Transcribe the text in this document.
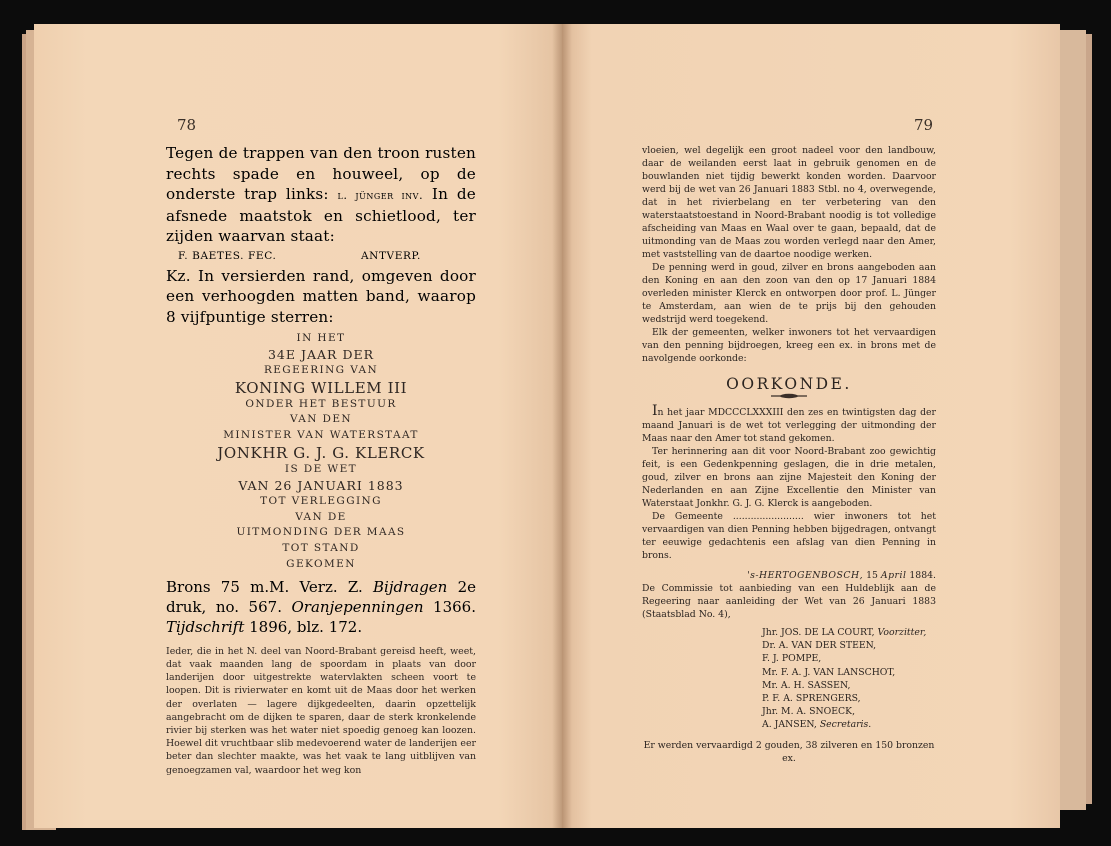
78

Tegen de trappen van den troon rusten rechts spade en houweel, op de onderste trap links: l. jünger inv. In de afsnede maatstok en schietlood, ter zijden waarvan staat:

F. BAETES. FEC.	ANTVERP.

Kz. In versierden rand, omgeven door een verhoogden matten band, waarop 8 vijfpuntige sterren:

IN HET
34E JAAR DER
REGEERING VAN
KONING WILLEM III
ONDER HET BESTUUR
VAN DEN
MINISTER VAN WATERSTAAT
JONKHR G. J. G. KLERCK
IS DE WET
VAN 26 JANUARI 1883
TOT VERLEGGING
VAN DE
UITMONDING DER MAAS
TOT STAND
GEKOMEN
Brons 75 m.M. Verz. Z. Bijdragen 2e druk, no. 567. Oranjepenningen 1366. Tijdschrift 1896, blz. 172.
Ieder, die in het N. deel van Noord-Brabant gereisd heeft, weet, dat vaak maanden lang de spoordam in plaats van door landerijen door uitgestrekte watervlakten scheen voort te loopen. Dit is rivierwater en komt uit de Maas door het werken der overlaten — lagere dijkgedeelten, daarin opzettelijk aangebracht om de dijken te sparen, daar de sterk kronkelende rivier bij sterken was het water niet spoedig genoeg kan loozen. Hoewel dit vruchtbaar slib medevoerend water de landerijen eer beter dan slechter maakte, was het vaak te lang uitblijven van genoegzamen val, waardoor het weg kon
79

vloeien, wel degelijk een groot nadeel voor den landbouw, daar de weilanden eerst laat in gebruik genomen en de bouwlanden niet tijdig bewerkt konden worden. Daarvoor werd bij de wet van 26 Januari 1883 Stbl. no 4, overwegende, dat in het rivierbelang en ter verbetering van den waterstaatstoestand in Noord-Brabant noodig is tot volledige afscheiding van Maas en Waal over te gaan, bepaald, dat de uitmonding van de Maas zou worden verlegd naar den Amer, met vaststelling van de daartoe noodige werken.

De penning werd in goud, zilver en brons aangeboden aan den Koning en aan den zoon van den op 17 Januari 1884 overleden minister Klerck en ontworpen door prof. L. Jünger te Amsterdam, aan wien de te prijs bij den gehouden wedstrijd werd toegekend.

Elk der gemeenten, welker inwoners tot het vervaardigen van den penning bijdroegen, kreeg een ex. in brons met de navolgende oorkonde:

OORKONDE.

In het jaar MDCCCLXXXIII den zes en twintigsten dag der maand Januari is de wet tot verlegging der uitmonding der Maas naar den Amer tot stand gekomen.

Ter herinnering aan dit voor Noord-Brabant zoo gewichtig feit, is een Gedenkpenning geslagen, die in drie metalen, goud, zilver en brons aan zijne Majesteit den Koning der Nederlanden en aan Zijne Excellentie den Minister van Waterstaat Jonkhr. G. J. G. Klerck is aangeboden.

De Gemeente ........................ wier inwoners tot het vervaardigen van dien Penning hebben bijgedragen, ontvangt ter eeuwige gedachtenis een afslag van dien Penning in brons.

's-HERTOGENBOSCH, 15 April 1884.

De Commissie tot aanbieding van een Huldeblijk aan de Regeering naar aanleiding der Wet van 26 Januari 1883 (Staatsblad No. 4),

Jhr. JOS. DE LA COURT, Voorzitter,
Dr. A. VAN DER STEEN,
F. J. POMPE,
Mr. F. A. J. VAN LANSCHOT,
Mr. A. H. SASSEN,
P. F. A. SPRENGERS,
Jhr. M. A. SNOECK,
A. JANSEN, Secretaris.
Er werden vervaardigd 2 gouden, 38 zilveren en 150 bronzen ex.
